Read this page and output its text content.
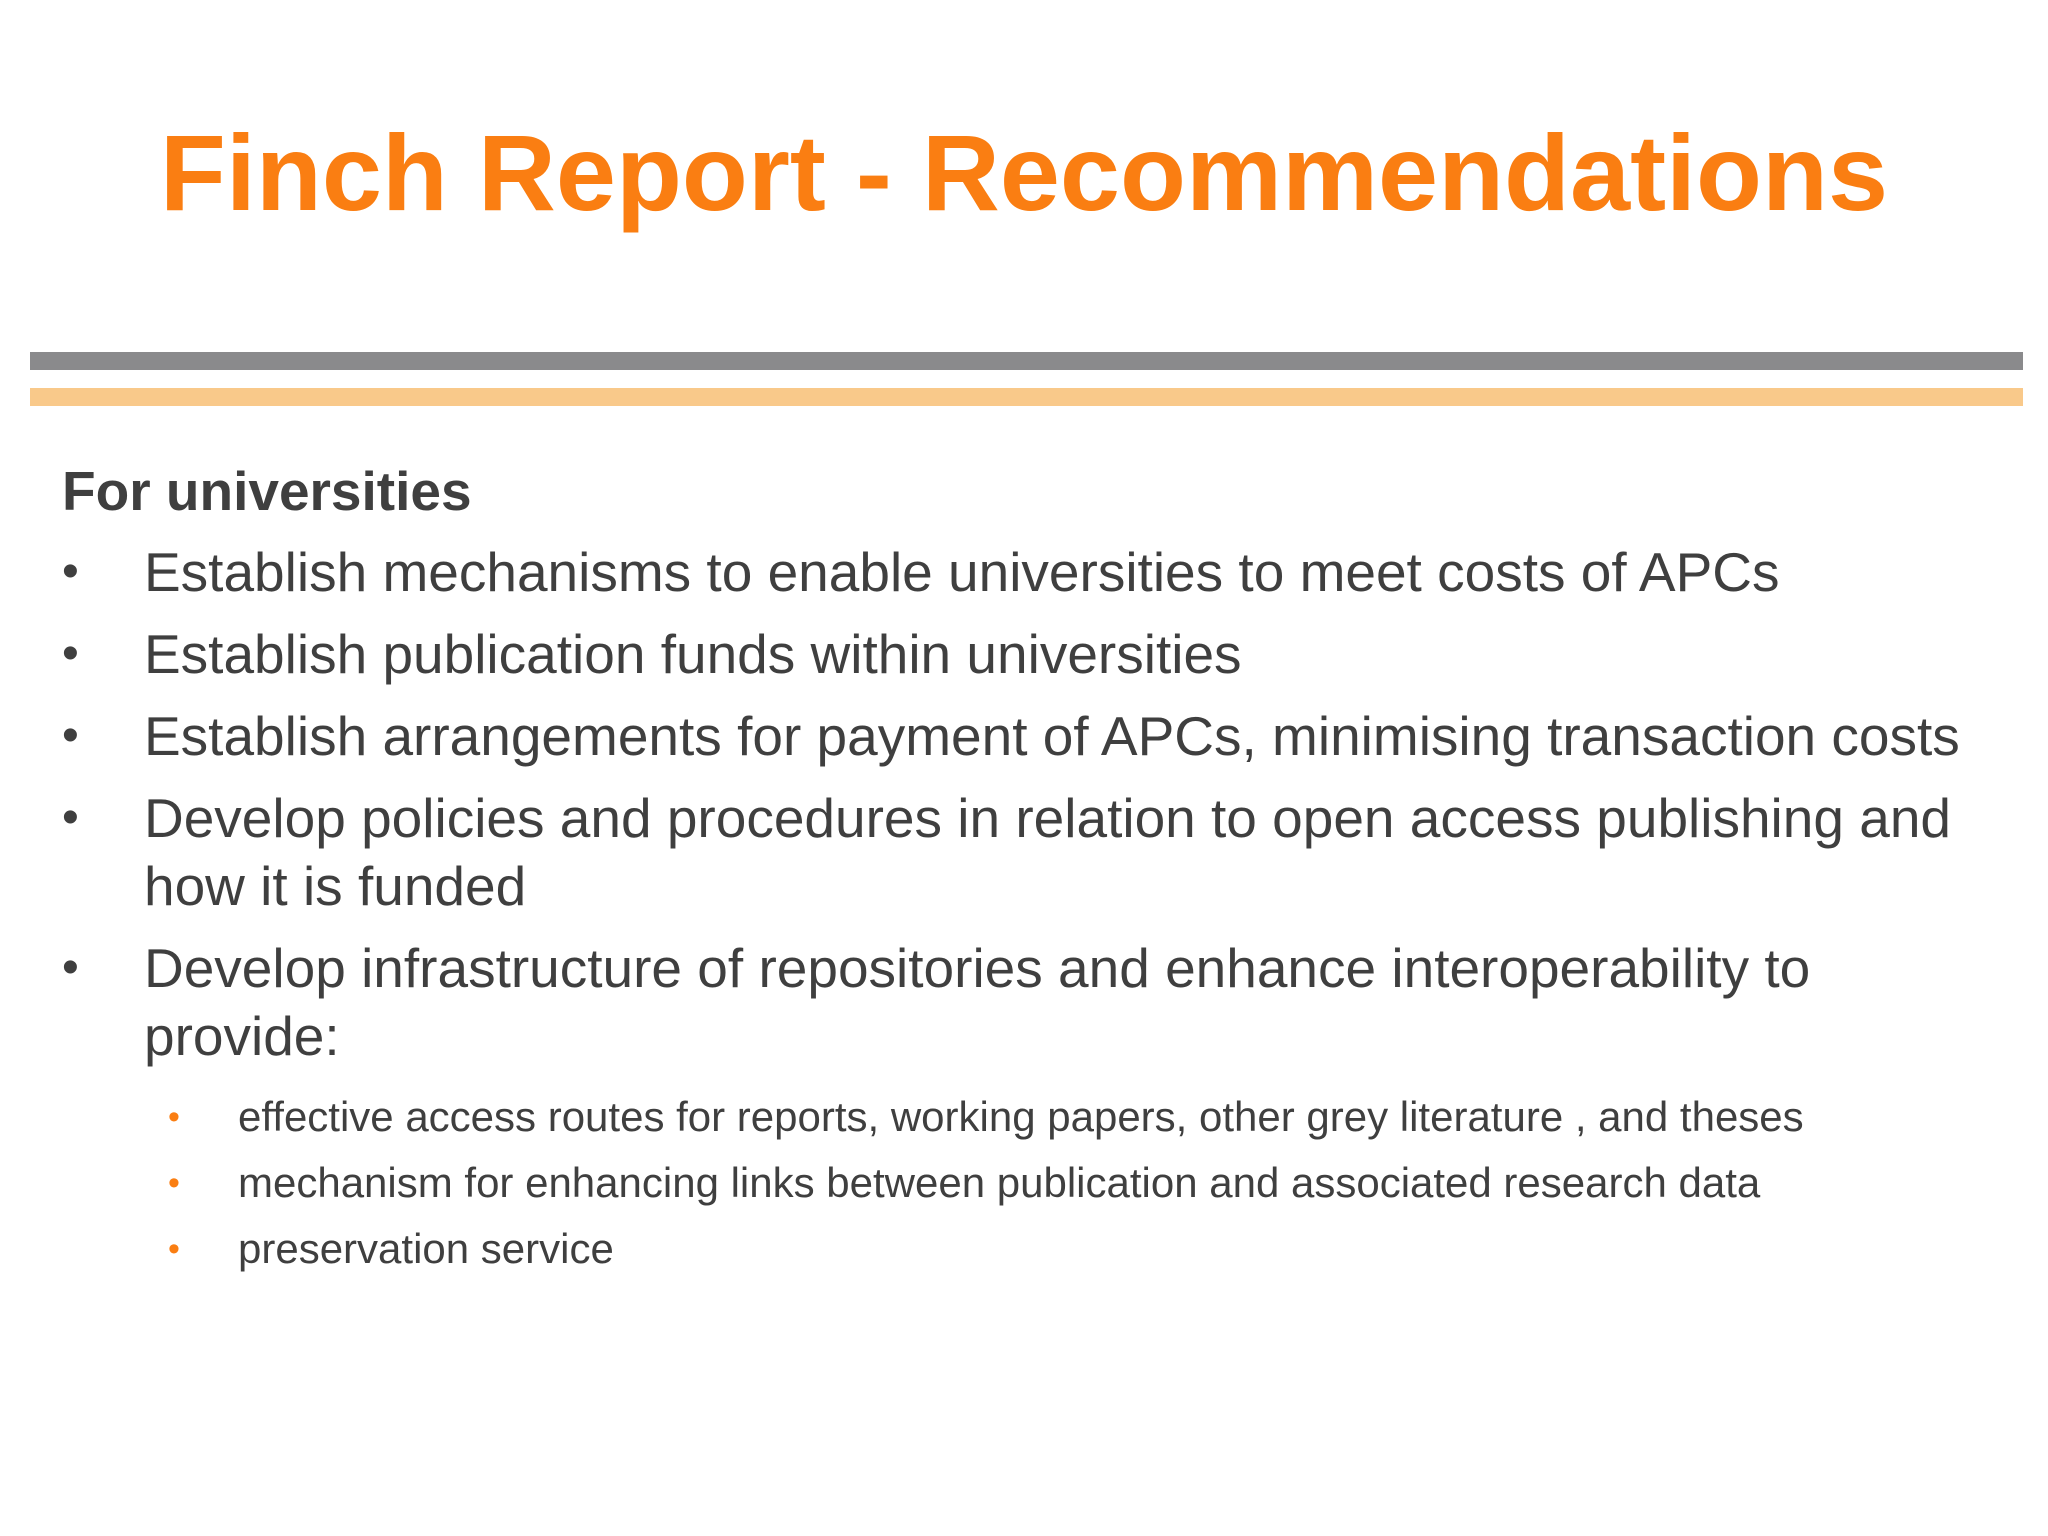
Finch Report - Recommendations
For universities
•	Establish mechanisms to enable universities to meet costs of APCs
•	Establish publication funds within universities
•	Establish arrangements for payment of APCs, minimising transaction costs
•	Develop policies and procedures in relation to open access publishing and how it is funded
•	Develop infrastructure of repositories and enhance interoperability to provide:
• effective access routes for reports, working papers, other grey literature , and theses
• mechanism for enhancing links between publication and associated research data
• preservation service
